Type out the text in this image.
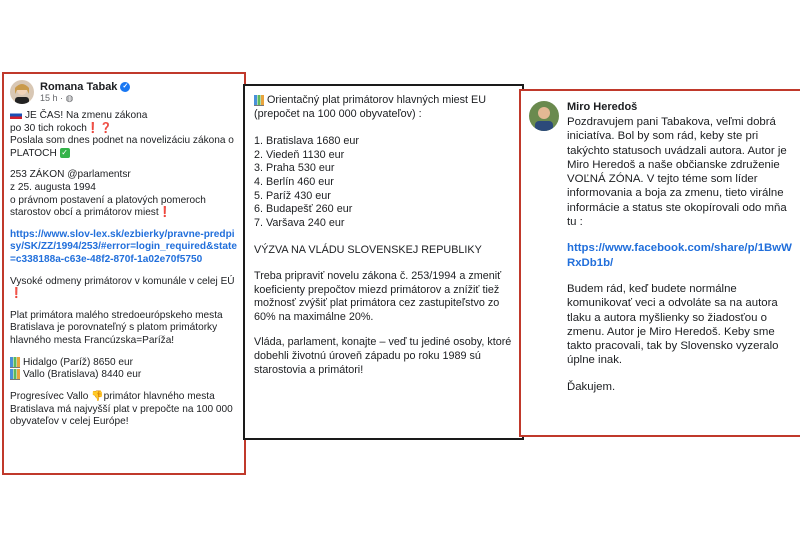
Romana Tabak ✓
15 h · ◍

JE ČAS! Na zmenu zákona
po 30 tich rokoch❗❓
Poslala som dnes podnet na novelizáciu zákona o PLATOCH ✓

253 ZÁKON @parlamentsr
z 25. augusta 1994
o právnom postavení a platových pomeroch starostov obcí a primátorov miest❗

https://www.slov-lex.sk/ezbierky/pravne-predpisy/SK/ZZ/1994/253/#error=login_required&state=c338188a-c63e-48f2-870f-1a02e70f5750

Vysoké odmeny primátorov v komunále v celej EÚ
❗

Plat primátora malého stredoeurópskeho mesta Bratislava je porovnateľný s platom primátorky hlavného mesta Francúzska=Paríža!

Hidalgo (Paríž) 8650 eur
Vallo (Bratislava) 8440 eur

Progresívec Vallo 👎primátor hlavného mesta Bratislava má najvyšší plat v prepočte na 100 000 obyvateľov v celej Európe!

Orientačný plat primátorov hlavných miest EU (prepočet na 100 000 obyvateľov) :
1. Bratislava 1680 eur
2. Viedeň 1130 eur
3. Praha 530 eur
4. Berlín 460 eur
5. Paríž 430 eur
6. Budapešť 260 eur
7. Varšava 240 eur

VÝZVA NA VLÁDU SLOVENSKEJ REPUBLIKY

Treba pripraviť novelu zákona č. 253/1994 a zmeniť koeficienty prepočtov miezd primátorov a znížiť tiež možnosť zvýšiť plat primátora cez zastupiteľstvo zo 60% na maximálne 20%.

Vláda, parlament, konajte – veď tu jediné osoby, ktoré dobehli životnú úroveň západu po roku 1989 sú starostovia a primátori!

Miro Heredoš

Pozdravujem pani Tabakova, veľmi dobrá iniciatíva. Bol by som rád, keby ste pri takýchto statusoch uvádzali autora. Autor je Miro Heredoš a naše občianske združenie VOĽNÁ ZÓNA. V tejto téme som líder informovania a boja za zmenu, tieto virálne informácie a status ste okopírovali odo mňa tu :

https://www.facebook.com/share/p/1BwWRxDb1b/

Budem rád, keď budete normálne komunikovať veci a odvoláte sa na autora tlaku a autora myšlienky so žiadosťou o zmenu. Autor je Miro Heredoš. Keby sme takto pracovali, tak by Slovensko vyzeralo úplne inak.

Ďakujem.
